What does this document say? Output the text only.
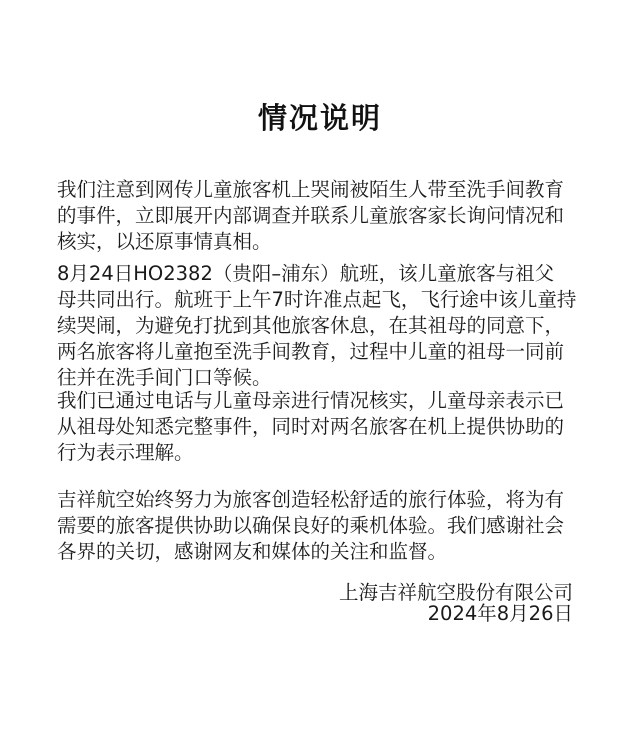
情况说明
我们注意到网传儿童旅客机上哭闹被陌生人带至洗手间教育
的事件，立即展开内部调查并联系儿童旅客家长询问情况和
核实，以还原事情真相。
8月24日HO2382（贵阳–浦东）航班，该儿童旅客与祖父
母共同出行。航班于上午7时许准点起飞，飞行途中该儿童持
续哭闹，为避免打扰到其他旅客休息，在其祖母的同意下，
两名旅客将儿童抱至洗手间教育，过程中儿童的祖母一同前
往并在洗手间门口等候。
我们已通过电话与儿童母亲进行情况核实，儿童母亲表示已
从祖母处知悉完整事件，同时对两名旅客在机上提供协助的
行为表示理解。
吉祥航空始终努力为旅客创造轻松舒适的旅行体验，将为有
需要的旅客提供协助以确保良好的乘机体验。我们感谢社会
各界的关切，感谢网友和媒体的关注和监督。
上海吉祥航空股份有限公司
2024年8月26日
